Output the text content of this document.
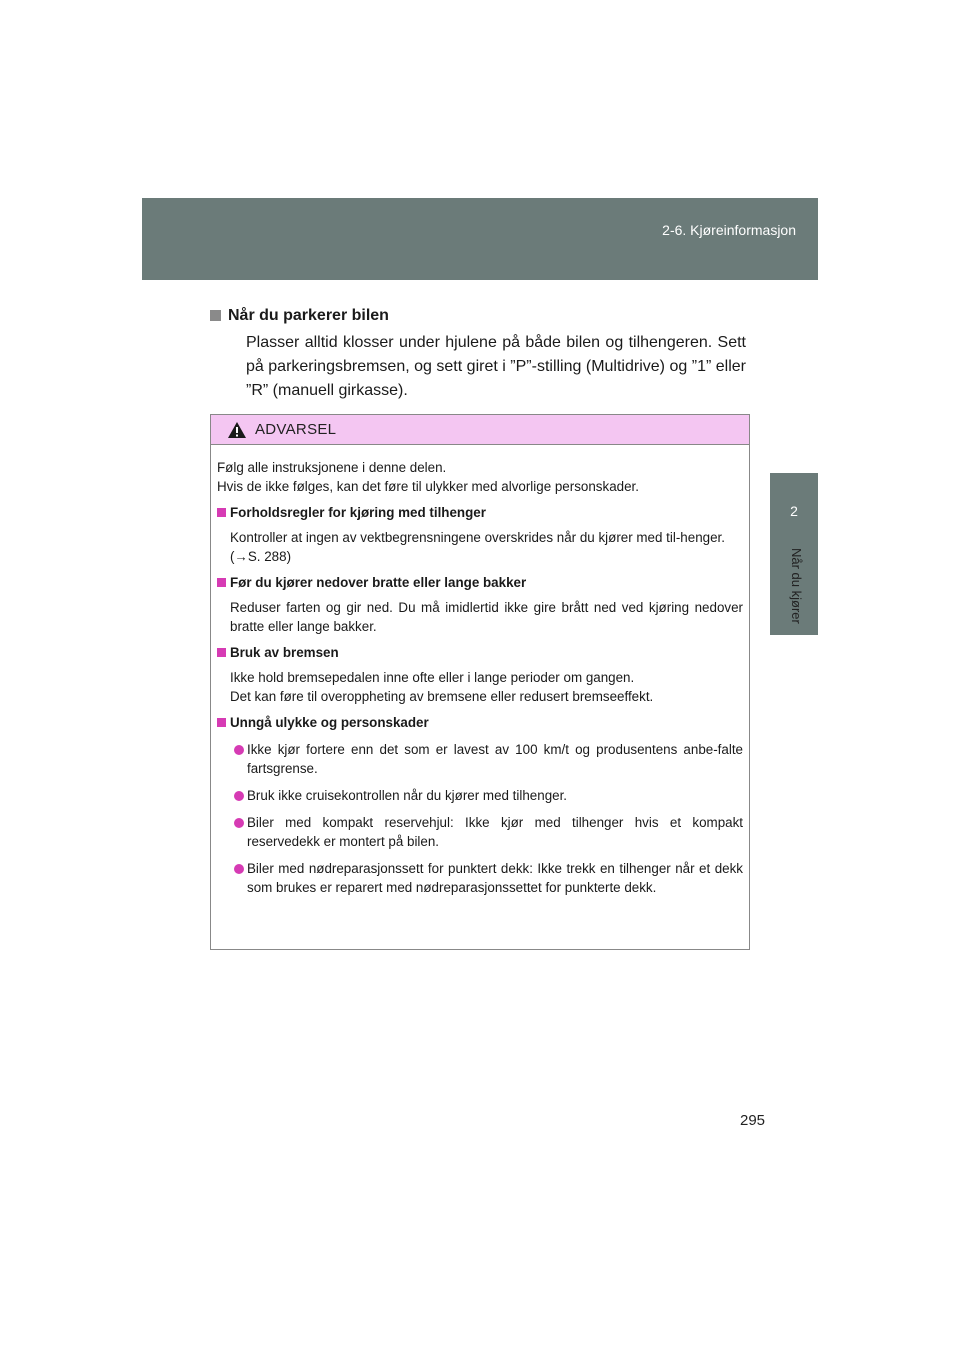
2-6. Kjøreinformasjon
2
Når du kjører
Når du parkerer bilen
Plasser alltid klosser under hjulene på både bilen og tilhengeren. Sett på parkeringsbremsen, og sett giret i ”P”-stilling (Multidrive) og ”1” eller ”R” (manuell girkasse).
ADVARSEL

Følg alle instruksjonene i denne delen.

Hvis de ikke følges, kan det føre til ulykker med alvorlige personskader.

Forholdsregler for kjøring med tilhenger

Kontroller at ingen av vektbegrensningene overskrides når du kjører med til-henger.

(→S. 288)

Før du kjører nedover bratte eller lange bakker

Reduser farten og gir ned. Du må imidlertid ikke gire brått ned ved kjøring nedover bratte eller lange bakker.

Bruk av bremsen

Ikke hold bremsepedalen inne ofte eller i lange perioder om gangen.

Det kan føre til overoppheting av bremsene eller redusert bremseeffekt.

Unngå ulykke og personskader
Ikke kjør fortere enn det som er lavest av 100 km/t og produsentens anbe-falte fartsgrense.
Bruk ikke cruisekontrollen når du kjører med tilhenger.
Biler med kompakt reservehjul: Ikke kjør med tilhenger hvis et kompakt reservedekk er montert på bilen.
Biler med nødreparasjonssett for punktert dekk: Ikke trekk en tilhenger når et dekk som brukes er reparert med nødreparasjonssettet for punkterte dekk.
295
